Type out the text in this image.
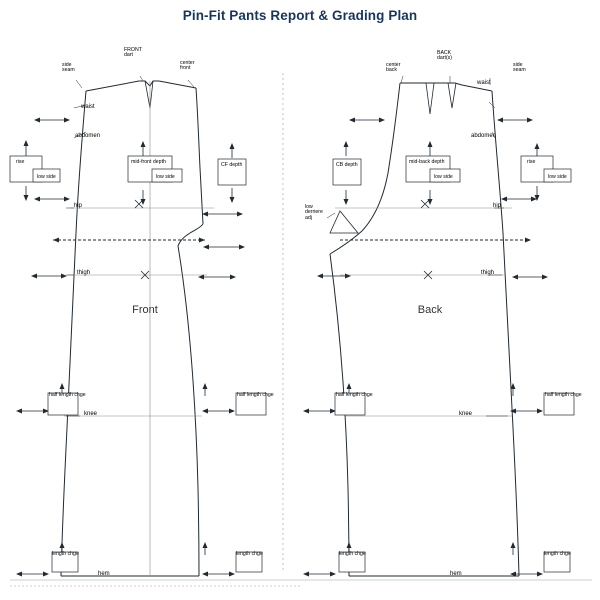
Pin-Fit Pants Report & Grading Plan
side
seam
FRONT
dart
center
front
waist
abdomen
hip
thigh
knee
hem
rise
low side
mid-front depth
low side
CF depth
half length chge	half length chge
length chge	length chge
Front
center
back
BACK
dart(s)
waist
side
seam
abdomen
low
derriere
adj
hip
thigh
knee
hem
CB depth	mid-back depth
low side
rise
low side
half length chge	half length chge
length chge	length chge
Back
